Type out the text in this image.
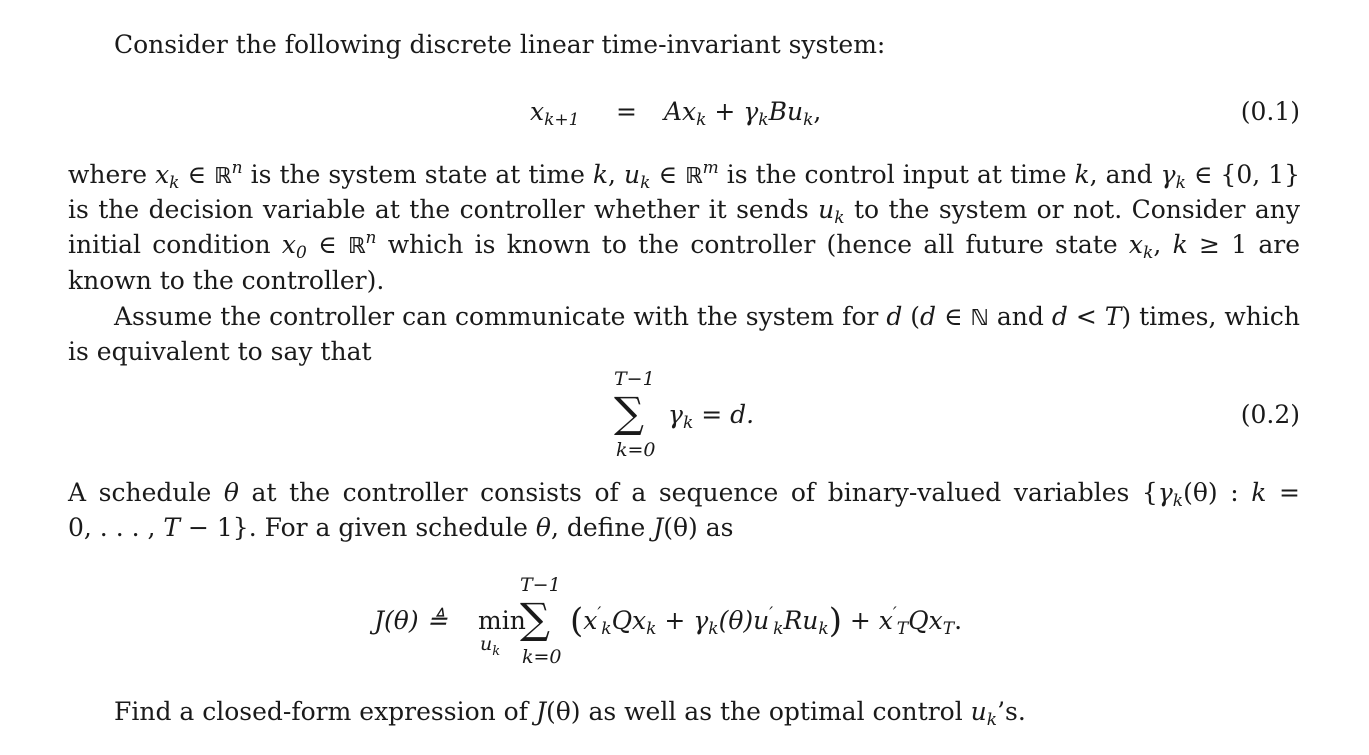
Consider the following discrete linear time-invariant system:
$x_{k+1} = Ax_k + \gamma_kBu_k$,	(0.1)
where $x_k$ ∈ ℝ$^n$ is the system state at time k, $u_k$ ∈ ℝ$^m$ is the control input at time k, and $\gamma_k$ ∈ {0, 1}
is the decision variable at the controller whether it sends $u_k$ to the system or not. Consider any
initial condition $x_0$ ∈ ℝ$^n$ which is known to the controller (hence all future state $x_k$, k ≥ 1 are
known to the controller).
Assume the controller can communicate with the system for d (d ∈ ℕ and d < T) times, which
is equivalent to say that
T−1
∑
k=0
$\gamma_k = d$.	(0.2)
A schedule θ at the controller consists of a sequence of binary-valued variables {$\gamma_k(\theta)$ : k =
0, . . . , T − 1}. For a given schedule θ, define J(θ) as
J(θ) ≜ min
$u_k$
T−1
∑
k=0
$(x'_kQx_k + \gamma_k(\theta)u'_kRu_k) + x'_TQx_T$.
Find a closed-form expression of J(θ) as well as the optimal control $u_k’s$.
